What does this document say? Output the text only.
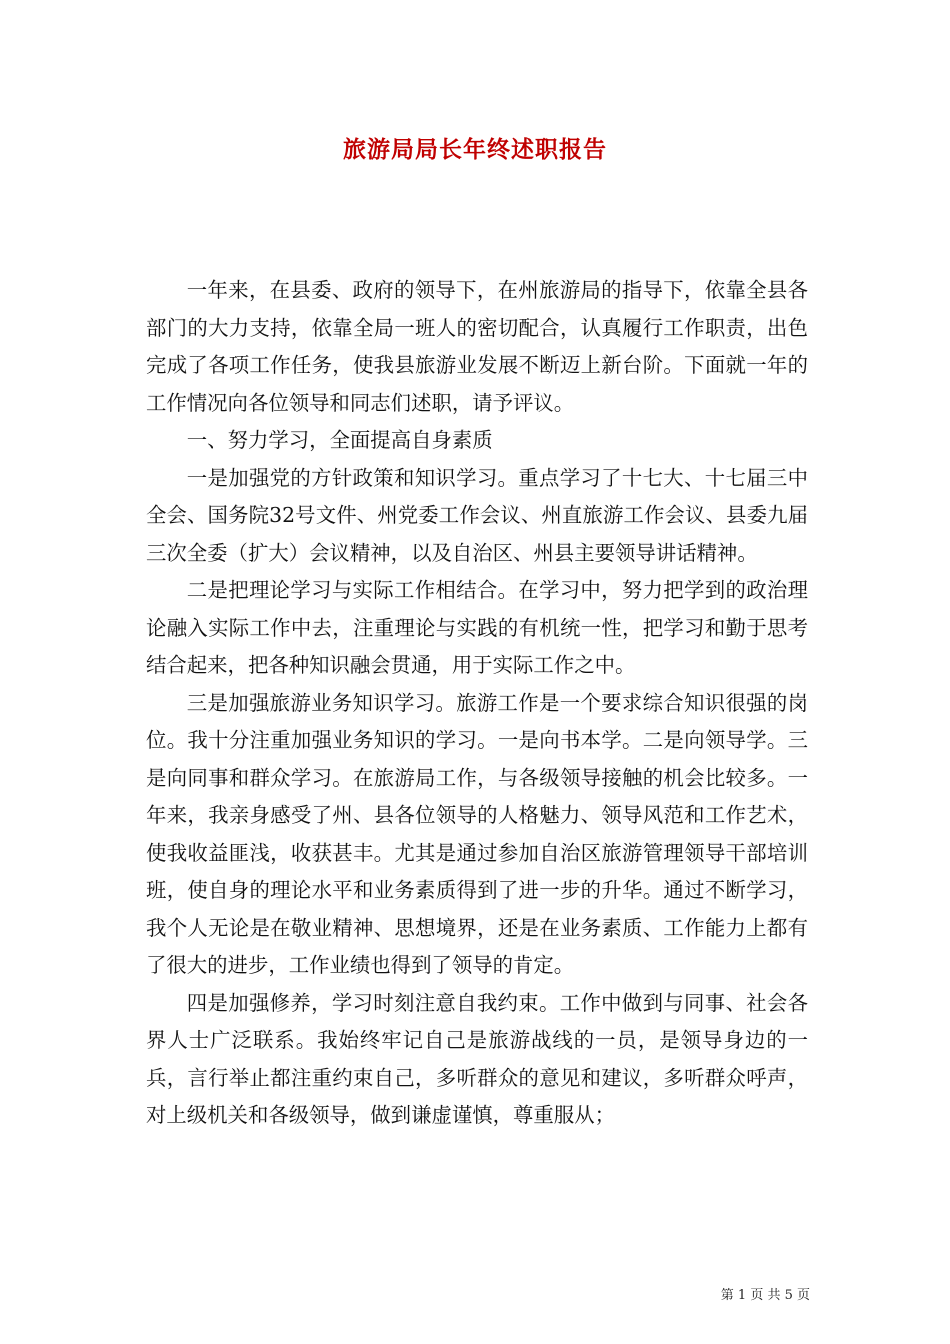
旅游局局长年终述职报告

一年来，在县委、政府的领导下，在州旅游局的指导下，依靠全县各部门的大力支持，依靠全局一班人的密切配合，认真履行工作职责，出色完成了各项工作任务，使我县旅游业发展不断迈上新台阶。下面就一年的工作情况向各位领导和同志们述职，请予评议。

一、努力学习，全面提高自身素质

一是加强党的方针政策和知识学习。重点学习了十七大、十七届三中全会、国务院32号文件、州党委工作会议、州直旅游工作会议、县委九届三次全委（扩大）会议精神，以及自治区、州县主要领导讲话精神。

二是把理论学习与实际工作相结合。在学习中，努力把学到的政治理论融入实际工作中去，注重理论与实践的有机统一性，把学习和勤于思考结合起来，把各种知识融会贯通，用于实际工作之中。

三是加强旅游业务知识学习。旅游工作是一个要求综合知识很强的岗位。我十分注重加强业务知识的学习。一是向书本学。二是向领导学。三是向同事和群众学习。在旅游局工作，与各级领导接触的机会比较多。一年来，我亲身感受了州、县各位领导的人格魅力、领导风范和工作艺术，使我收益匪浅，收获甚丰。尤其是通过参加自治区旅游管理领导干部培训班，使自身的理论水平和业务素质得到了进一步的升华。通过不断学习，我个人无论是在敬业精神、思想境界，还是在业务素质、工作能力上都有了很大的进步，工作业绩也得到了领导的肯定。

四是加强修养，学习时刻注意自我约束。工作中做到与同事、社会各界人士广泛联系。我始终牢记自己是旅游战线的一员，是领导身边的一兵，言行举止都注重约束自己，多听群众的意见和建议，多听群众呼声，对上级机关和各级领导，做到谦虚谨慎，尊重服从；

第 1 页 共 5 页
